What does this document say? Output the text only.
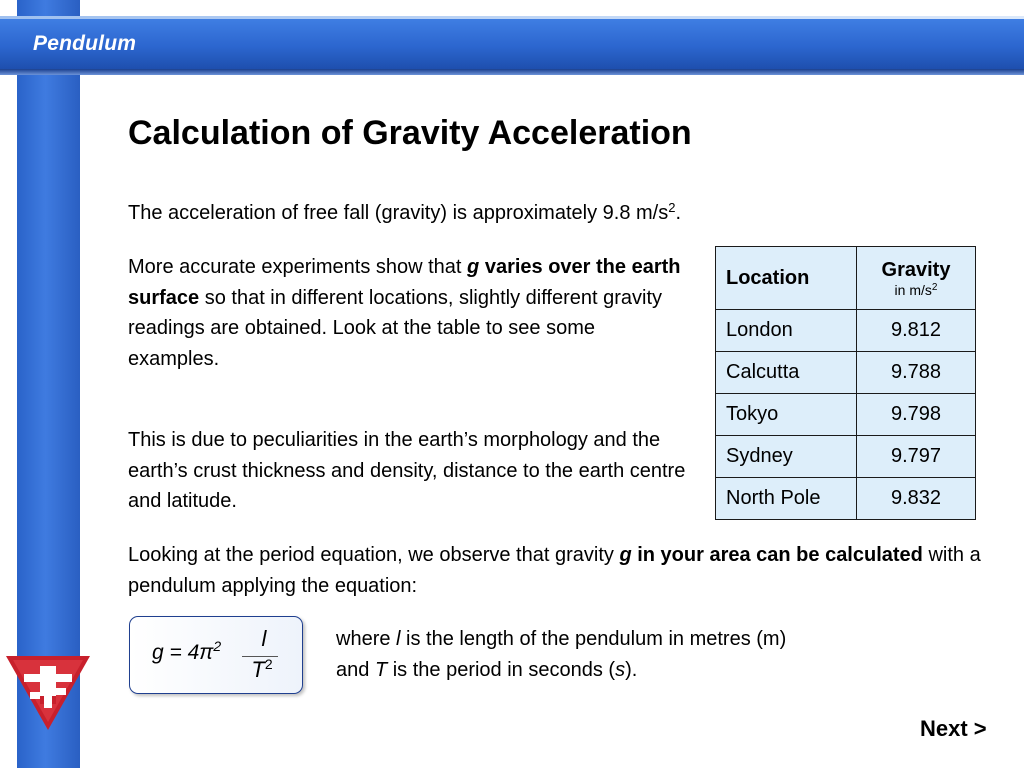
Pendulum
Calculation of Gravity Acceleration

The acceleration of free fall (gravity) is approximately 9.8 $m/s^2$.

More accurate experiments show that g varies over the earth surface so that in different locations, slightly different gravity readings are obtained. Look at the table to see some examples.

This is due to peculiarities in the earth’s morphology and the earth’s crust thickness and density, distance to the earth centre and latitude.

Looking at the period equation, we observe that gravity g in your area can be calculated with a pendulum applying the equation:

Location	Gravity
in $m/s^2$

London	9.812
Calcutta	9.788
Tokyo	9.798
Sydney	9.797
North Pole	9.832
$g = 4\pi^2$	l
$T^2$

where l is the length of the pendulum in metres (m)
and T is the period in seconds (s).

Next >
